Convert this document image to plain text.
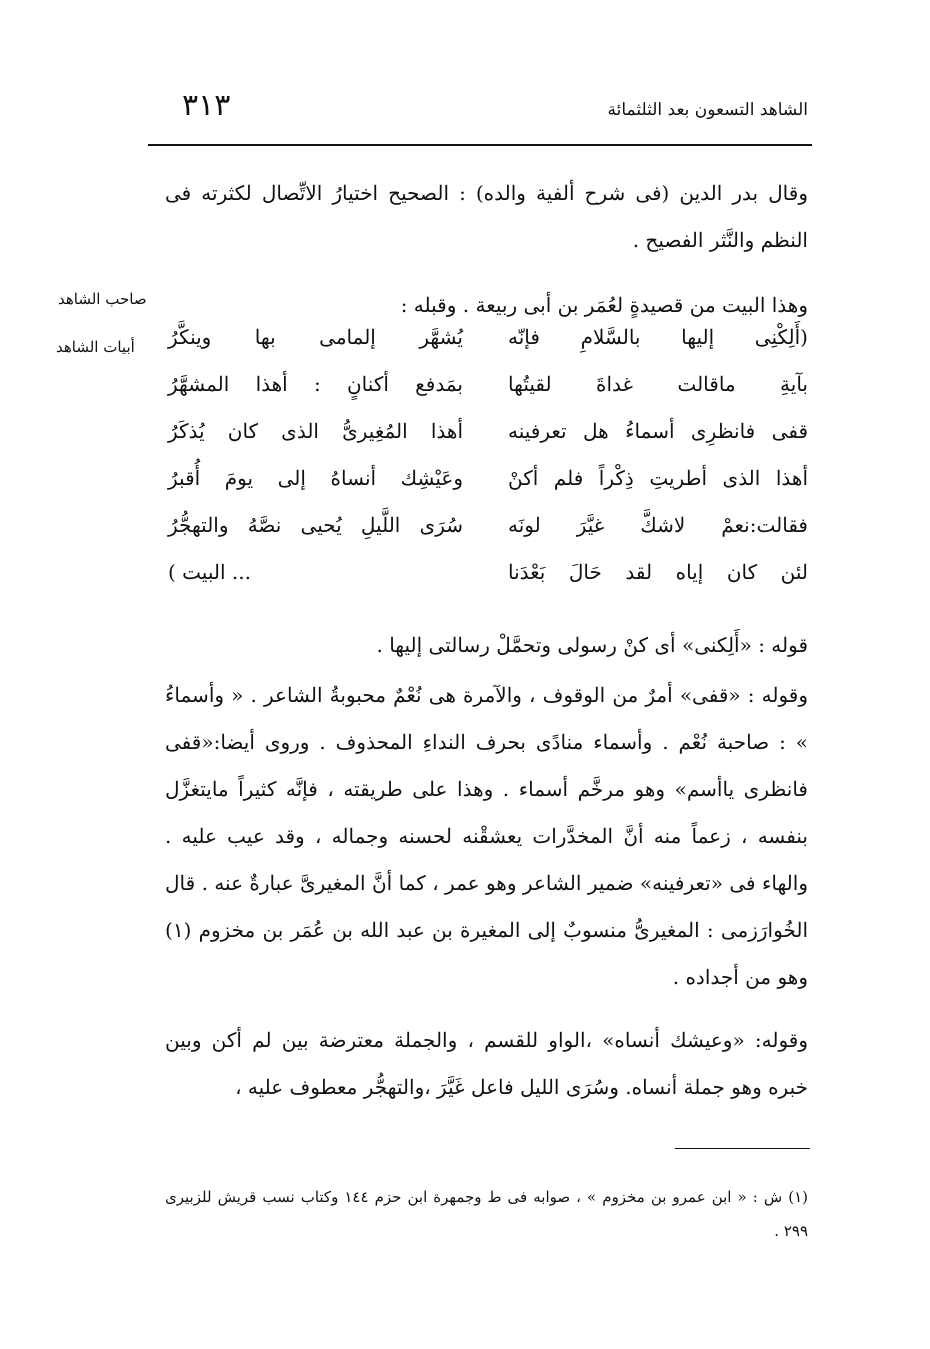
الشاهد التسعون بعد الثلثمائة
٣١٣
وقال بدر الدين (فى شرح ألفية والده) : الصحيح اختيارُ الاتِّصال لكثرته فى النظم والنَّثر الفصيح .
صاحب الشاهد	وهذا البيت من قصيدةٍ لعُمَر بن أبى ربيعة . وقبله :
أبيات الشاهد	(أَلِكْنِى إليها بالسَّلامِ فإنّه
يُشهَّر إلمامى بها وينكَّرُ
بآيةِ ماقالت غداةَ لقيتُها
بمَدفع أكنانٍ : أهذا المشهَّرُ
قفى فانظرِى أسماءُ هل تعرفينه
أهذا المُغِيرىُّ الذى كان يُذكَرُ
أهذا الذى أطريتِ ذِكْراً فلم أكنْ
وعَيْشِك أنساهُ إلى يومَ أُقبرُ
فقالت:نعمْ لاشكَّ غيَّرَ لونَه
سُرَى اللَّيلِ يُحيى نصَّهُ والتهجُّرُ
لئن كان إياه لقد حَالَ بَعْدَنا
... البيت )
قوله : «أَلِكنى» أى كنْ رسولى وتحمَّلْ رسالتى إليها .
وقوله : «قفى» أمرٌ من الوقوف ، والآمرة هى نُعْمٌ محبوبةُ الشاعر . « وأسماءُ » : صاحبة نُعْم . وأسماء منادًى بحرف النداءِ المحذوف . وروى أيضا:«قفى فانظرى ياأسم» وهو مرخَّم أسماء . وهذا على طريقته ، فإنَّه كثيراً مايتغزَّل بنفسه ، زعماً منه أنَّ المخدَّرات يعشقْنه لحسنه وجماله ، وقد عيب عليه . والهاء فى «تعرفينه» ضمير الشاعر وهو عمر ، كما أنَّ المغيرىَّ عبارةٌ عنه . قال الخُوارَزمى : المغيرىُّ منسوبٌ إلى المغيرة بن عبد الله بن عُمَر بن مخزوم (١) وهو من أجداده .
وقوله: «وعيشك أنساه» ،الواو للقسم ، والجملة معترضة بين لم أكن وبين خبره وهو جملة أنساه. وسُرَى الليل فاعل غَيَّرَ ،والتهجُّر معطوف عليه ،
(١) ش : « ابن عمرو بن مخزوم » ، صوابه فى ط وجمهرة ابن حزم ١٤٤ وكتاب نسب قريش للزبيرى ٢٩٩ .
